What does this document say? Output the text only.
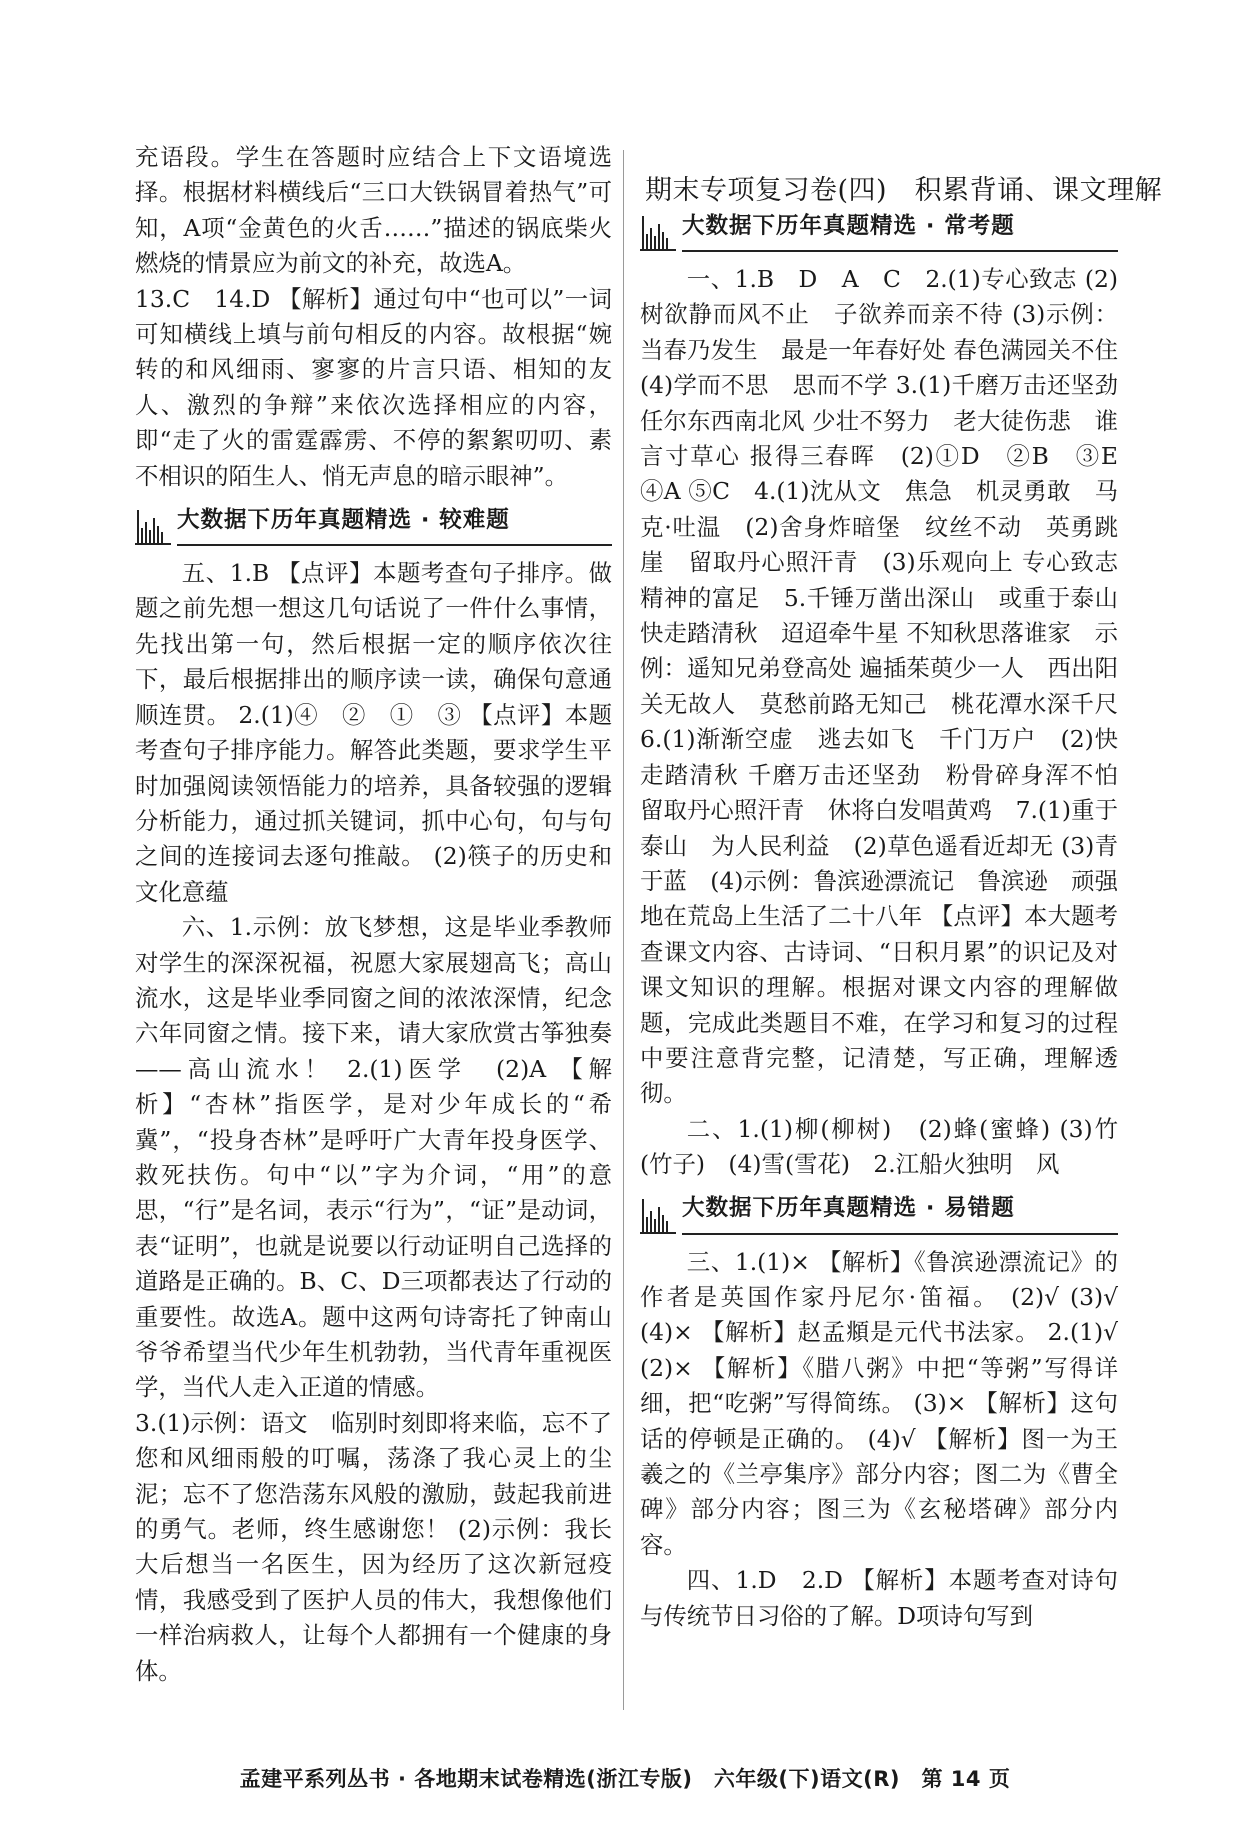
充语段。学生在答题时应结合上下文语境选择。根据材料横线后“三口大铁锅冒着热气”可知，A项“金黄色的火舌……”描述的锅底柴火燃烧的情景应为前文的补充，故选A。

13.C　14.D 【解析】通过句中“也可以”一词可知横线上填与前句相反的内容。故根据“婉转的和风细雨、寥寥的片言只语、相知的友人、激烈的争辩”来依次选择相应的内容，即“走了火的雷霆霹雳、不停的絮絮叨叨、素不相识的陌生人、悄无声息的暗示眼神”。

大数据下历年真题精选 · 较难题

五、1.B 【点评】本题考查句子排序。做题之前先想一想这几句话说了一件什么事情，先找出第一句，然后根据一定的顺序依次往下，最后根据排出的顺序读一读，确保句意通顺连贯。 2.(1)④　②　①　③ 【点评】本题考查句子排序能力。解答此类题，要求学生平时加强阅读领悟能力的培养，具备较强的逻辑分析能力，通过抓关键词，抓中心句，句与句之间的连接词去逐句推敲。 (2)筷子的历史和文化意蕴

六、1.示例：放飞梦想，这是毕业季教师对学生的深深祝福，祝愿大家展翅高飞；高山流水，这是毕业季同窗之间的浓浓深情，纪念六年同窗之情。接下来，请大家欣赏古筝独奏——高山流水！ 2.(1)医学　(2)A 【解析】“杏林”指医学，是对少年成长的“希冀”，“投身杏林”是呼吁广大青年投身医学、救死扶伤。句中“以”字为介词，“用”的意思，“行”是名词，表示“行为”，“证”是动词，表“证明”，也就是说要以行动证明自己选择的道路是正确的。B、C、D三项都表达了行动的重要性。故选A。题中这两句诗寄托了钟南山爷爷希望当代少年生机勃勃，当代青年重视医学，当代人走入正道的情感。

3.(1)示例：语文　临别时刻即将来临，忘不了您和风细雨般的叮嘱，荡涤了我心灵上的尘泥；忘不了您浩荡东风般的激励，鼓起我前进的勇气。老师，终生感谢您！ (2)示例：我长大后想当一名医生，因为经历了这次新冠疫情，我感受到了医护人员的伟大，我想像他们一样治病救人，让每个人都拥有一个健康的身体。

期末专项复习卷(四)　积累背诵、课文理解
大数据下历年真题精选 · 常考题

一、1.B　D　A　C　2.(1)专心致志 (2)树欲静而风不止　子欲养而亲不待 (3)示例：当春乃发生　最是一年春好处 春色满园关不住　(4)学而不思　思而不学 3.(1)千磨万击还坚劲　任尔东西南北风 少壮不努力　老大徒伤悲　谁言寸草心 报得三春晖　(2)①D　②B　③E　④A ⑤C　4.(1)沈从文　焦急　机灵勇敢　马克·吐温　(2)舍身炸暗堡　纹丝不动　英勇跳崖　留取丹心照汗青　(3)乐观向上 专心致志　精神的富足　5.千锤万凿出深山　或重于泰山　快走踏清秋　迢迢牵牛星 不知秋思落谁家　示例：遥知兄弟登高处 遍插茱萸少一人　西出阳关无故人　莫愁前路无知己　桃花潭水深千尺　6.(1)渐渐空虚　逃去如飞　千门万户　(2)快走踏清秋 千磨万击还坚劲　粉骨碎身浑不怕　留取丹心照汗青　休将白发唱黄鸡　7.(1)重于泰山　为人民利益　(2)草色遥看近却无 (3)青于蓝　(4)示例：鲁滨逊漂流记　鲁滨逊　顽强地在荒岛上生活了二十八年 【点评】本大题考查课文内容、古诗词、“日积月累”的识记及对课文知识的理解。根据对课文内容的理解做题，完成此类题目不难，在学习和复习的过程中要注意背完整，记清楚，写正确，理解透彻。

二、1.(1)柳(柳树)　(2)蜂(蜜蜂) (3)竹(竹子)　(4)雪(雪花)　2.江船火独明　风

大数据下历年真题精选 · 易错题

三、1.(1)× 【解析】《鲁滨逊漂流记》的作者是英国作家丹尼尔·笛福。 (2)√ (3)√　(4)× 【解析】赵孟頫是元代书法家。 2.(1)√　(2)× 【解析】《腊八粥》中把“等粥”写得详细，把“吃粥”写得简练。 (3)× 【解析】这句话的停顿是正确的。 (4)√ 【解析】图一为王羲之的《兰亭集序》部分内容；图二为《曹全碑》部分内容；图三为《玄秘塔碑》部分内容。

四、1.D　2.D 【解析】本题考查对诗句与传统节日习俗的了解。D项诗句写到

孟建平系列丛书 · 各地期末试卷精选(浙江专版)　六年级(下)语文(R)　第 14 页
